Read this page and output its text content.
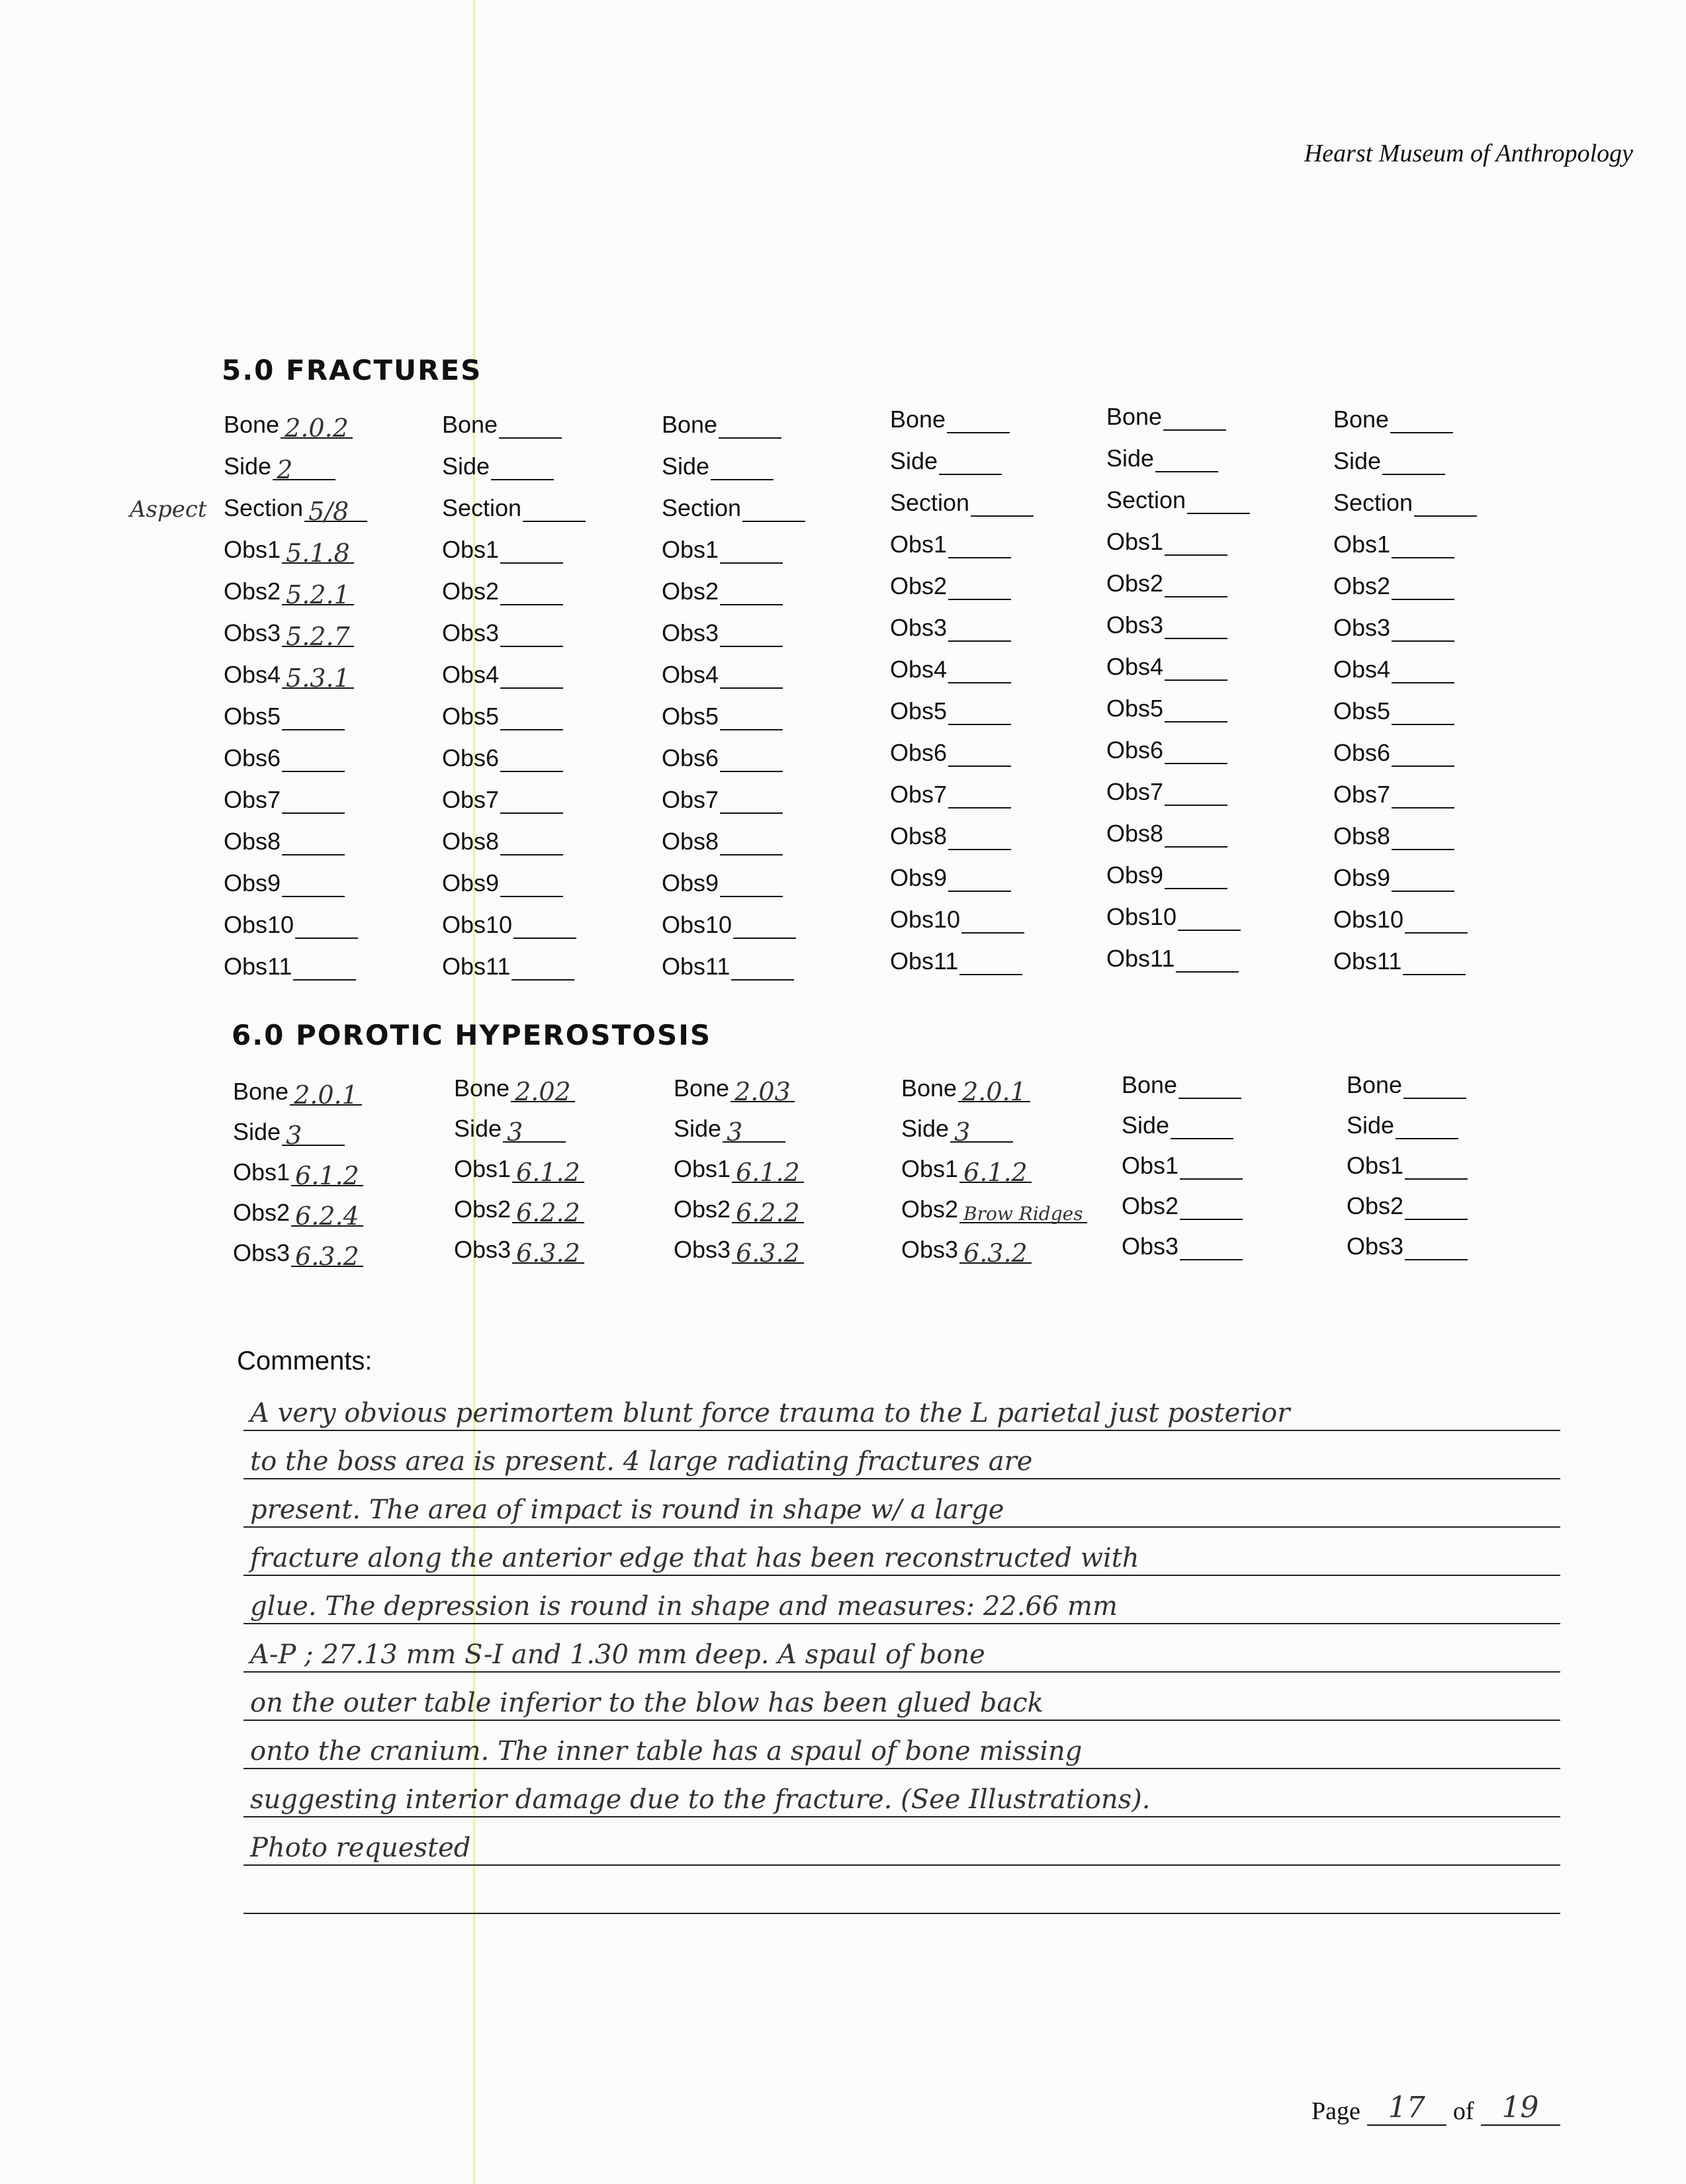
Hearst Museum of Anthropology
5.0 FRACTURES
Aspect
Bone 2.0.2
Side 2
Section 5/8
Obs1 5.1.8
Obs2 5.2.1
Obs3 5.2.7
Obs4 5.3.1
Obs5
Obs6
Obs7
Obs8
Obs9
Obs10
Obs11
Bone
Side
Section
Obs1
Obs2
Obs3
Obs4
Obs5
Obs6
Obs7
Obs8
Obs9
Obs10
Obs11
Bone
Side
Section
Obs1
Obs2
Obs3
Obs4
Obs5
Obs6
Obs7
Obs8
Obs9
Obs10
Obs11
Bone
Side
Section
Obs1
Obs2
Obs3
Obs4
Obs5
Obs6
Obs7
Obs8
Obs9
Obs10
Obs11
Bone
Side
Section
Obs1
Obs2
Obs3
Obs4
Obs5
Obs6
Obs7
Obs8
Obs9
Obs10
Obs11
Bone
Side
Section
Obs1
Obs2
Obs3
Obs4
Obs5
Obs6
Obs7
Obs8
Obs9
Obs10
Obs11
6.0 POROTIC HYPEROSTOSIS
Bone 2.0.1
Side 3
Obs1 6.1.2
Obs2 6.2.4
Obs3 6.3.2
Bone 2.02
Side 3
Obs1 6.1.2
Obs2 6.2.2
Obs3 6.3.2
Bone 2.03
Side 3
Obs1 6.1.2
Obs2 6.2.2
Obs3 6.3.2
Bone 2.0.1
Side 3
Obs1 6.1.2
Obs2 Brow Ridges
Obs3 6.3.2
Bone
Side
Obs1
Obs2
Obs3
Bone
Side
Obs1
Obs2
Obs3
Comments:
A very obvious perimortem blunt force trauma to the L parietal just posterior
to the boss area is present. 4 large radiating fractures are
present. The area of impact is round in shape w/ a large
fracture along the anterior edge that has been reconstructed with
glue. The depression is round in shape and measures: 22.66 mm
A-P ; 27.13 mm S-I and 1.30 mm deep. A spaul of bone
on the outer table inferior to the blow has been glued back
onto the cranium. The inner table has a spaul of bone missing
suggesting interior damage due to the fracture. (See Illustrations).
Photo requested
Page 17	of 19
